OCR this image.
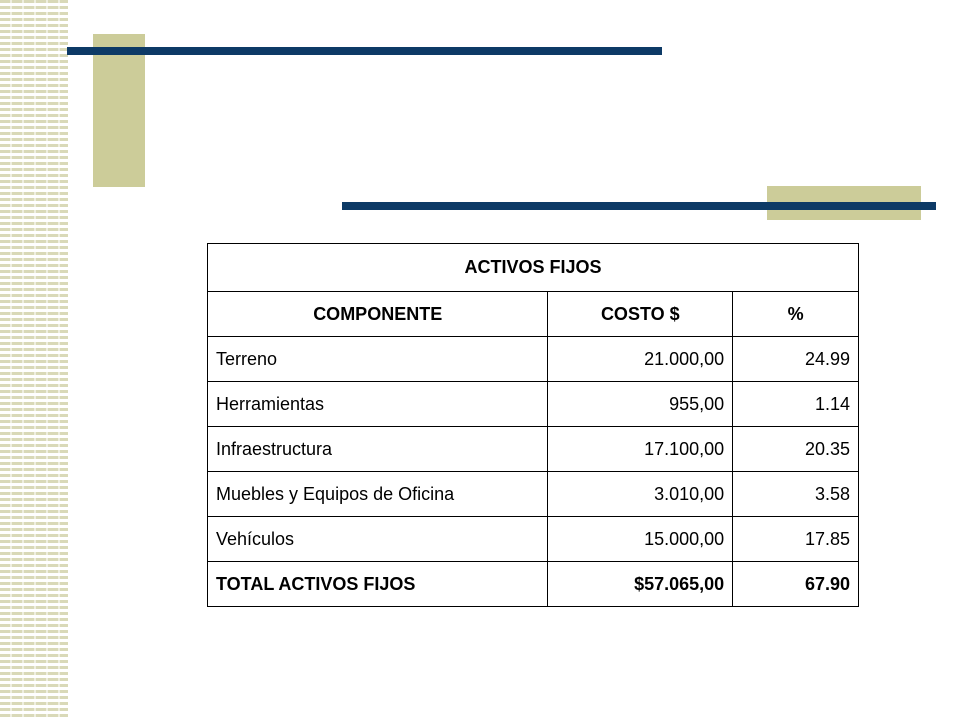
ACTIVOS FIJOS		
COMPONENTE	COSTO $	%
Terreno	21.000,00	24.99
Herramientas	955,00	1.14
Infraestructura	17.100,00	20.35
Muebles y Equipos de Oficina	3.010,00	3.58
Vehículos	15.000,00	17.85
TOTAL ACTIVOS FIJOS	$57.065,00	67.90
